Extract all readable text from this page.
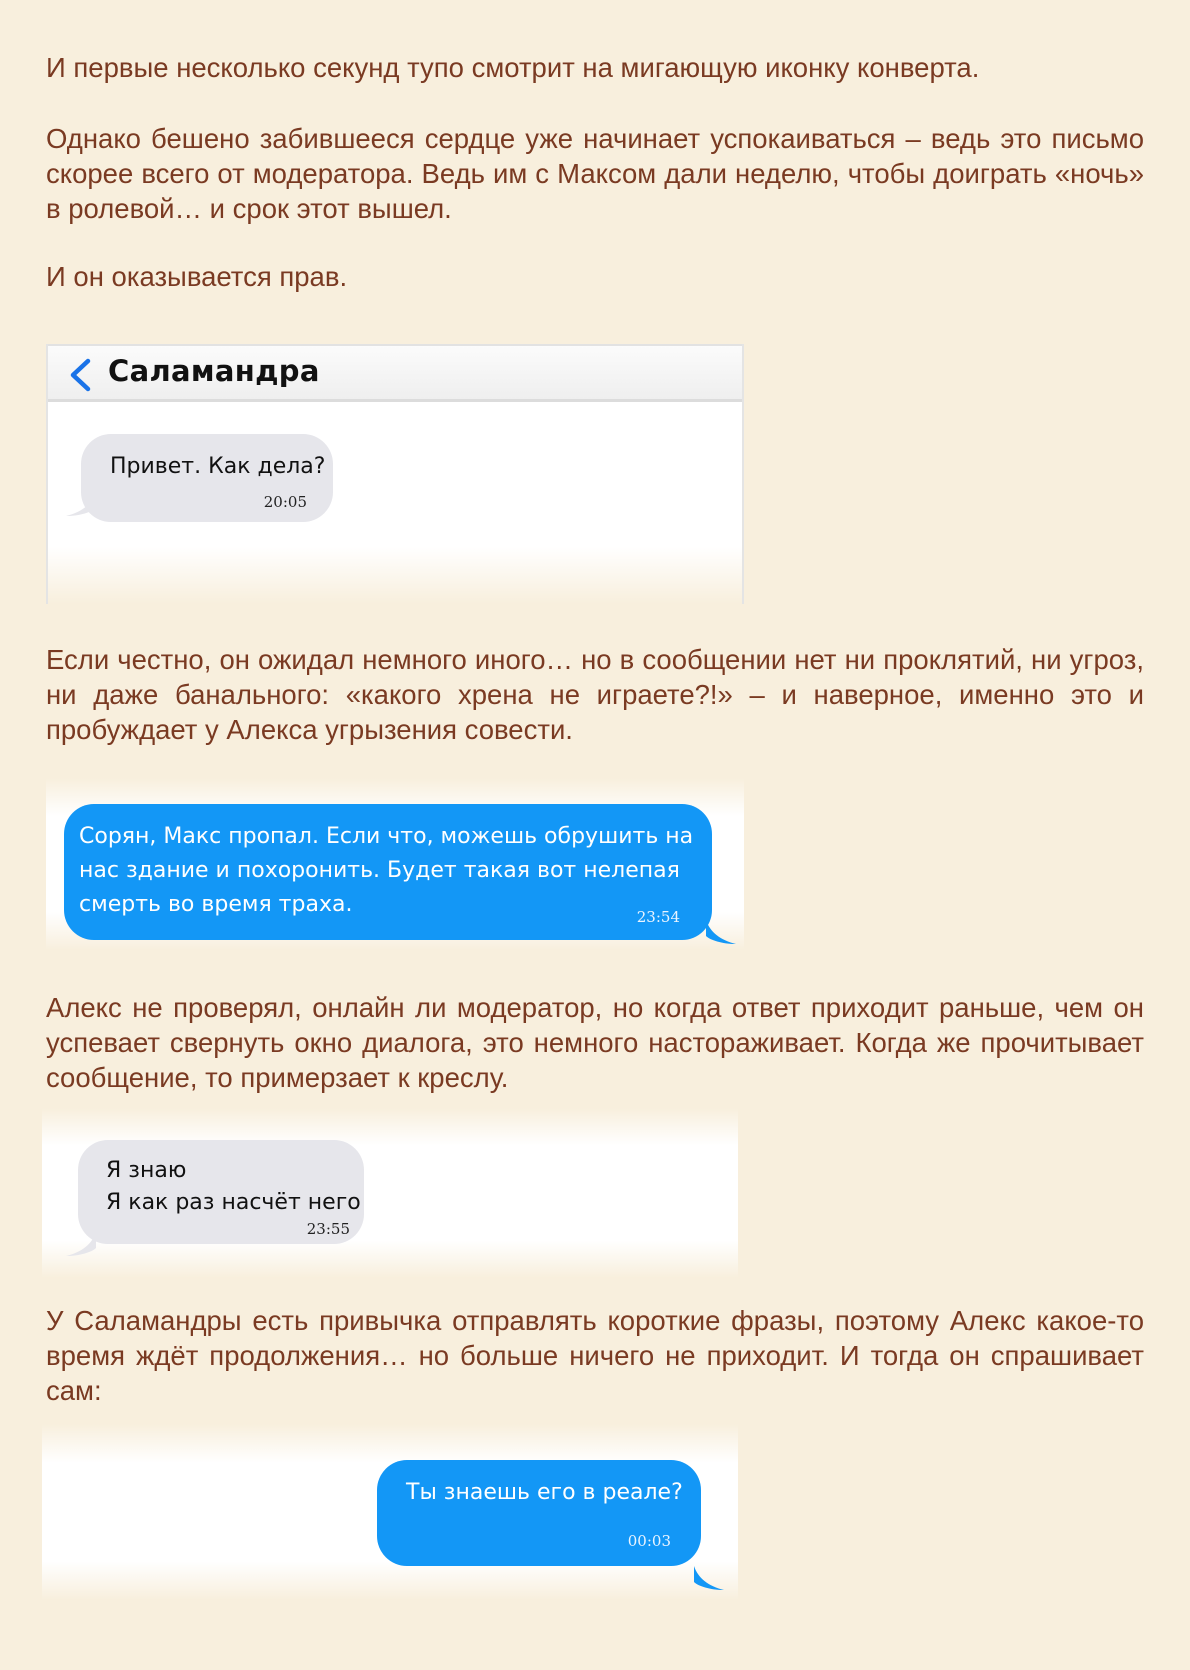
И первые несколько секунд тупо смотрит на мигающую иконку конверта.

Однако бешено забившееся сердце уже начинает успокаиваться – ведь это письмо скорее всего от модератора. Ведь им с Максом дали неделю, чтобы доиграть «ночь» в ролевой… и срок этот вышел.

И он оказывается прав.

Саламандра
Привет. Как дела?
20:05

Если честно, он ожидал немного иного… но в сообщении нет ни проклятий, ни угроз, ни даже банального: «какого хрена не играете?!» – и наверное, именно это и пробуждает у Алекса угрызения совести.

Сорян, Макс пропал. Если что, можешь обрушить на
нас здание и похоронить. Будет такая вот нелепая
смерть во время траха.	23:54

Алекс не проверял, онлайн ли модератор, но когда ответ приходит раньше, чем он успевает свернуть окно диалога, это немного настораживает. Когда же прочитывает сообщение, то примерзает к креслу.

Я знаю
Я как раз насчёт него
23:55

У Саламандры есть привычка отправлять короткие фразы, поэтому Алекс какое-то время ждёт продолжения… но больше ничего не приходит. И тогда он спрашивает сам:

Ты знаешь его в реале?
00:03
